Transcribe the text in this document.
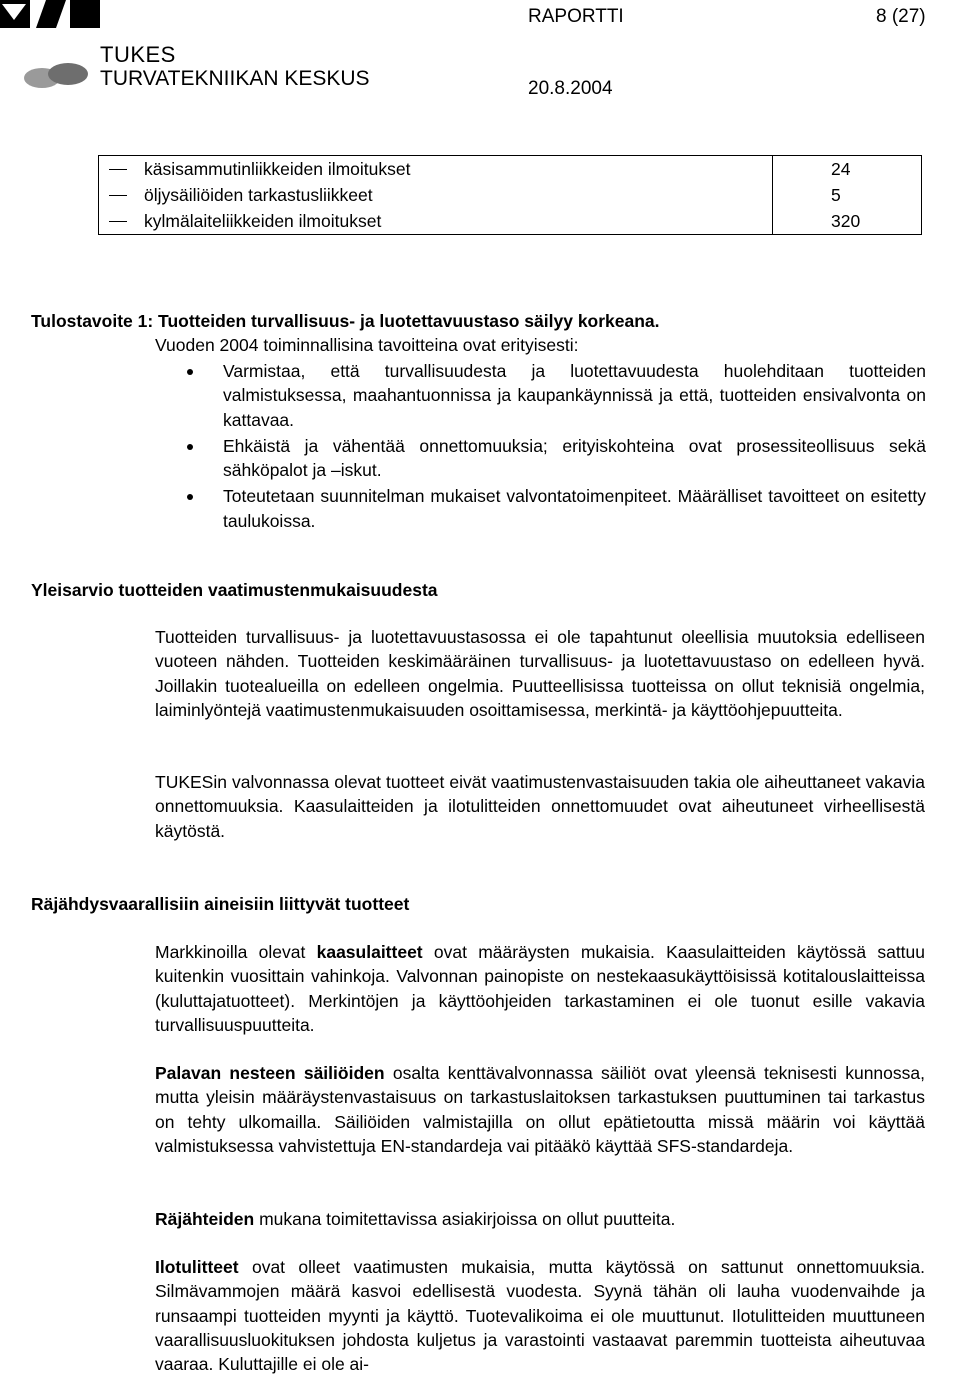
TUKES
TURVATEKNIIKAN KESKUS
RAPORTTI	8 (27)
20.8.2004
käsisammutinliikkeiden ilmoitukset	24
öljysäiliöiden tarkastusliikkeet	5
kylmälaiteliikkeiden ilmoitukset	320
Tulostavoite 1: Tuotteiden turvallisuus- ja luotettavuustaso säilyy korkeana.
Vuoden 2004 toiminnallisina tavoitteina ovat erityisesti:
Varmistaa, että turvallisuudesta ja luotettavuudesta huolehditaan tuotteiden valmistuksessa, maahantuonnissa ja kaupankäynnissä ja että, tuotteiden ensivalvonta on kattavaa.
Ehkäistä ja vähentää onnettomuuksia; erityiskohteina ovat prosessiteollisuus sekä sähköpalot ja –iskut.
Toteutetaan suunnitelman mukaiset valvontatoimenpiteet. Määrälliset tavoitteet on esitetty taulukoissa.
Yleisarvio tuotteiden vaatimustenmukaisuudesta

Tuotteiden turvallisuus- ja luotettavuustasossa ei ole tapahtunut oleellisia muutoksia edelliseen vuoteen nähden. Tuotteiden keskimääräinen turvallisuus- ja luotettavuustaso on edelleen hyvä. Joillakin tuotealueilla on edelleen ongelmia. Puutteellisissa tuotteissa on ollut teknisiä ongelmia, laiminlyöntejä vaatimustenmukaisuuden osoittamisessa, merkintä- ja käyttöohjepuutteita.

TUKESin valvonnassa olevat tuotteet eivät vaatimustenvastaisuuden takia ole aiheuttaneet vakavia onnettomuuksia. Kaasulaitteiden ja ilotulitteiden onnettomuudet ovat aiheutuneet virheellisestä käytöstä.

Räjähdysvaarallisiin aineisiin liittyvät tuotteet

Markkinoilla olevat kaasulaitteet ovat määräysten mukaisia. Kaasulaitteiden käytössä sattuu kuitenkin vuosittain vahinkoja. Valvonnan painopiste on nestekaasukäyttöisissä kotitalouslaitteissa (kuluttajatuotteet). Merkintöjen ja käyttöohjeiden tarkastaminen ei ole tuonut esille vakavia turvallisuuspuutteita.

Palavan nesteen säiliöiden osalta kenttävalvonnassa säiliöt ovat yleensä teknisesti kunnossa, mutta yleisin määräystenvastaisuus on tarkastuslaitoksen tarkastuksen puuttuminen tai tarkastus on tehty ulkomailla. Säiliöiden valmistajilla on ollut epätietoutta missä määrin voi käyttää valmistuksessa vahvistettuja EN-standardeja vai pitääkö käyttää SFS-standardeja.

Räjähteiden mukana toimitettavissa asiakirjoissa on ollut puutteita.

Ilotulitteet ovat olleet vaatimusten mukaisia, mutta käytössä on sattunut onnettomuuksia. Silmävammojen määrä kasvoi edellisestä vuodesta. Syynä tähän oli lauha vuodenvaihde ja runsaampi tuotteiden myynti ja käyttö. Tuotevalikoima ei ole muuttunut. Ilotulitteiden muuttuneen vaarallisuusluokituksen johdosta kuljetus ja varastointi vastaavat paremmin tuotteista aiheutuvaa vaaraa. Kuluttajille ei ole ai-
